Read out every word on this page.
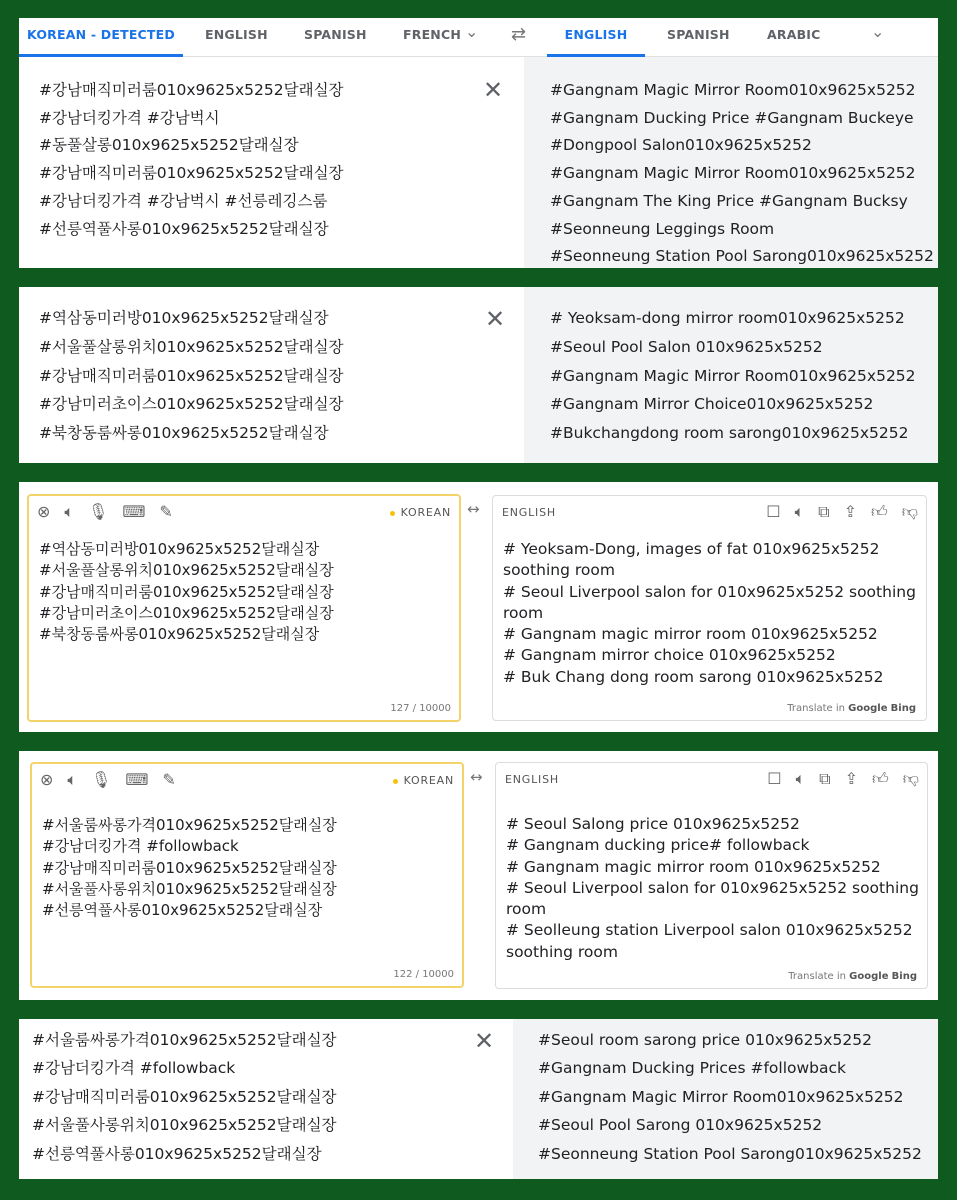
KOREAN - DETECTED	ENGLISH	SPANISH	FRENCH ⌄ ⇄	ENGLISH	SPANISH	ARABIC	⌄
#강남매직미러룸010x9625x5252달래실장
#강남더킹가격 #강남벅시
#동풀살롱010x9625x5252달래실장
#강남매직미러룸010x9625x5252달래실장
#강남더킹가격 #강남벅시 #선릉레깅스룸
#선릉역풀사롱010x9625x5252달래실장
✕	#Gangnam Magic Mirror Room010x9625x5252
#Gangnam Ducking Price #Gangnam Buckeye
#Dongpool Salon010x9625x5252
#Gangnam Magic Mirror Room010x9625x5252
#Gangnam The King Price #Gangnam Bucksy
#Seonneung Leggings Room
#Seonneung Station Pool Sarong010x9625x5252
#역삼동미러방010x9625x5252달래실장
#서울풀살롱위치010x9625x5252달래실장
#강남매직미러룸010x9625x5252달래실장
#강남미러초이스010x9625x5252달래실장
#북창동룸싸롱010x9625x5252달래실장
✕	# Yeoksam-dong mirror room010x9625x5252
#Seoul Pool Salon 010x9625x5252
#Gangnam Magic Mirror Room010x9625x5252
#Gangnam Mirror Choice010x9625x5252
#Bukchangdong room sarong010x9625x5252
⊗ 🔈︎ 🎙︎ ⌨ ✎	KOREAN
#역삼동미러방010x9625x5252달래실장
#서울풀살롱위치010x9625x5252달래실장
#강남매직미러룸010x9625x5252달래실장
#강남미러초이스010x9625x5252달래실장
#북창동룸싸롱010x9625x5252달래실장
127 / 10000
↔ ENGLISH	☐ 🔈︎ ⧉ ⇪ 👍︎ 👎︎
# Yeoksam-Dong, images of fat 010x9625x5252
soothing room
# Seoul Liverpool salon for 010x9625x5252 soothing
room
# Gangnam magic mirror room 010x9625x5252
# Gangnam mirror choice 010x9625x5252
# Buk Chang dong room sarong 010x9625x5252
Translate in Google Bing
⊗ 🔈︎ 🎙︎ ⌨ ✎	KOREAN
#서울룸싸롱가격010x9625x5252달래실장
#강남더킹가격 #followback
#강남매직미러룸010x9625x5252달래실장
#서울풀사롱위치010x9625x5252달래실장
#선릉역풀사롱010x9625x5252달래실장
122 / 10000
↔ ENGLISH	☐ 🔈︎ ⧉ ⇪ 👍︎ 👎︎
# Seoul Salong price 010x9625x5252
# Gangnam ducking price# followback
# Gangnam magic mirror room 010x9625x5252
# Seoul Liverpool salon for 010x9625x5252 soothing
room
# Seolleung station Liverpool salon 010x9625x5252
soothing room
Translate in Google Bing
#서울룸싸롱가격010x9625x5252달래실장
#강남더킹가격 #followback
#강남매직미러룸010x9625x5252달래실장
#서울풀사롱위치010x9625x5252달래실장
#선릉역풀사롱010x9625x5252달래실장
✕	#Seoul room sarong price 010x9625x5252
#Gangnam Ducking Prices #followback
#Gangnam Magic Mirror Room010x9625x5252
#Seoul Pool Sarong 010x9625x5252
#Seonneung Station Pool Sarong010x9625x5252
